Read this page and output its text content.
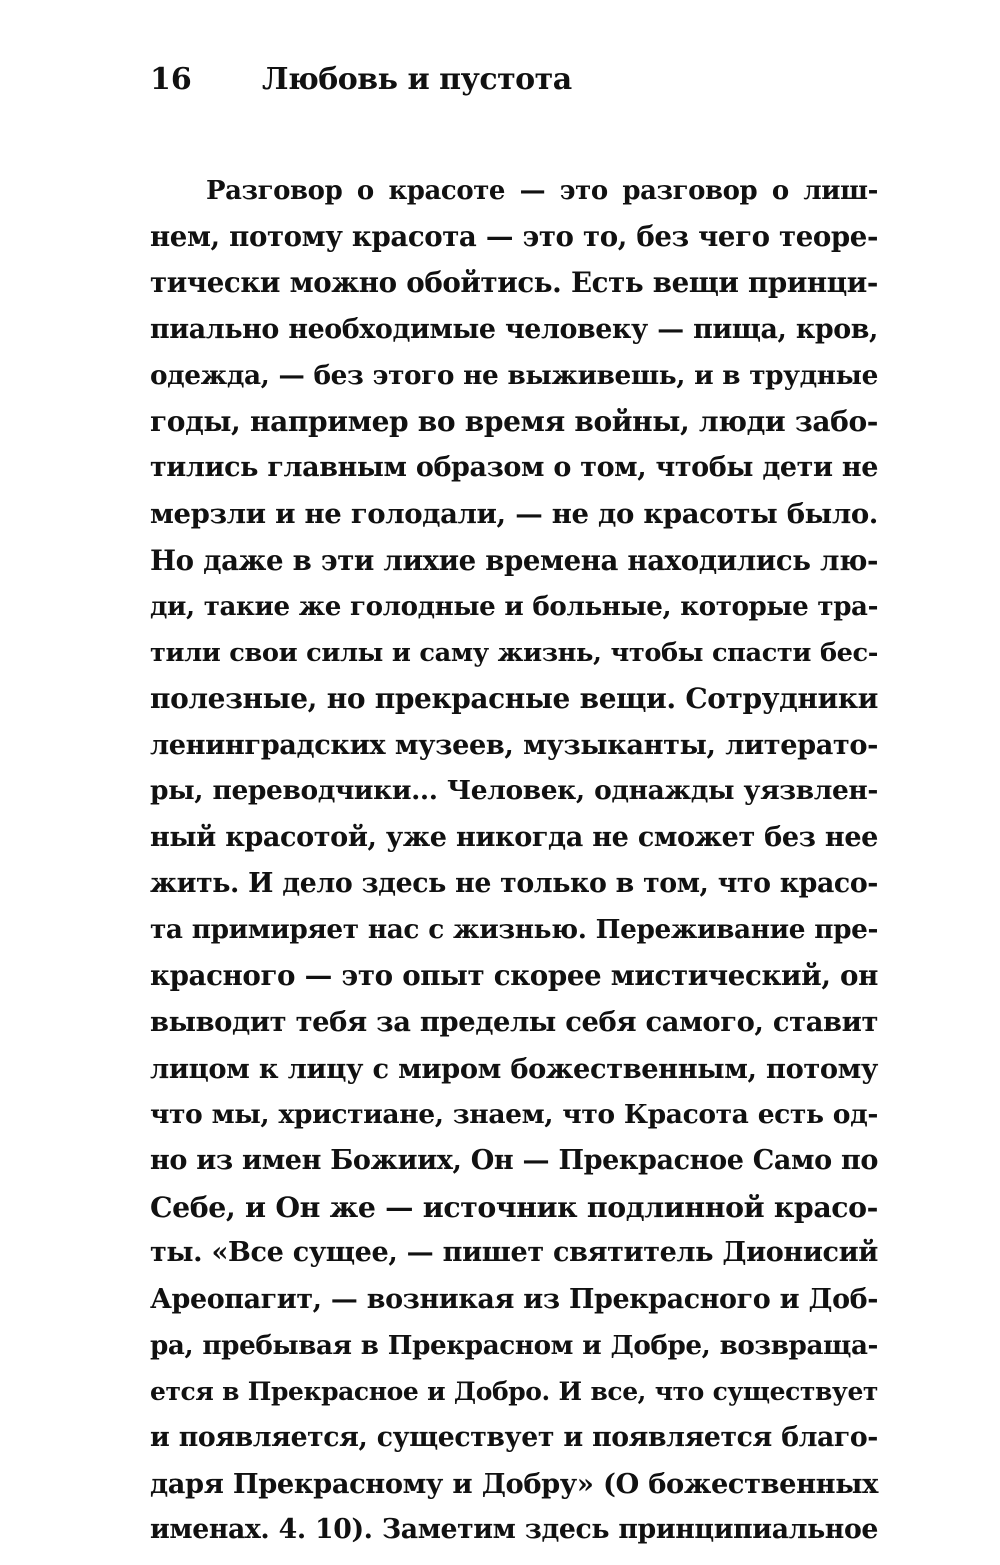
16 Любовь и пустота
Разговор о красоте — это разговор о лиш-
нем, потому красота — это то, без чего теоре-
тически можно обойтись. Есть вещи принци-
пиально необходимые человеку — пища, кров,
одежда, — без этого не выживешь, и в трудные
годы, например во время войны, люди забо-
тились главным образом о том, чтобы дети не
мерзли и не голодали, — не до красоты было.
Но даже в эти лихие времена находились лю-
ди, такие же голодные и больные, которые тра-
тили свои силы и саму жизнь, чтобы спасти бес-
полезные, но прекрасные вещи. Сотрудники
ленинградских музеев, музыканты, литерато-
ры, переводчики... Человек, однажды уязвлен-
ный красотой, уже никогда не сможет без нее
жить. И дело здесь не только в том, что красо-
та примиряет нас с жизнью. Переживание пре-
красного — это опыт скорее мистический, он
выводит тебя за пределы себя самого, ставит
лицом к лицу с миром божественным, потому
что мы, христиане, знаем, что Красота есть од-
но из имен Божиих, Он — Прекрасное Само по
Себе, и Он же — источник подлинной красо-
ты. «Все сущее, — пишет святитель Дионисий
Ареопагит, — возникая из Прекрасного и Доб-
ра, пребывая в Прекрасном и Добре, возвраща-
ется в Прекрасное и Добро. И все, что существует
и появляется, существует и появляется благо-
даря Прекрасному и Добру» (О божественных
именах. 4. 10). Заметим здесь принципиальное
